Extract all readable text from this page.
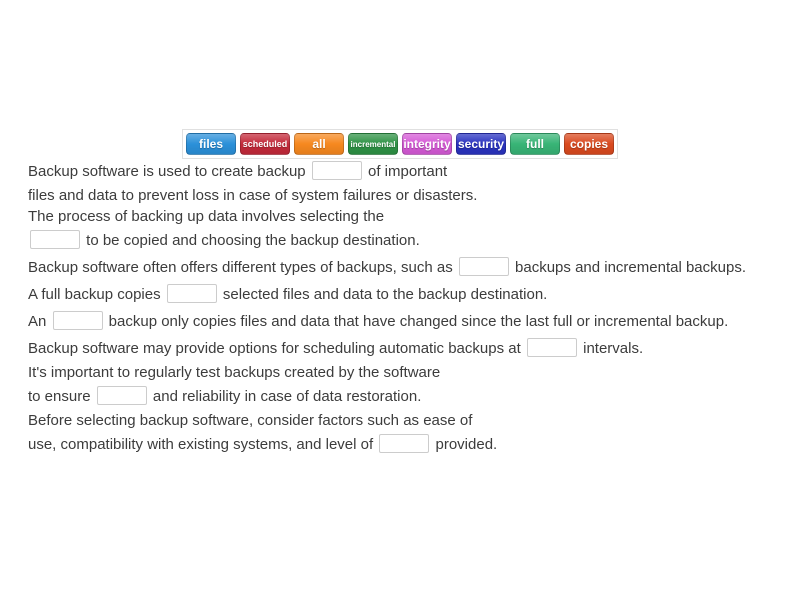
files	scheduled	all	incremental integrity security	full	copies
Backup software is used to create backup	of important
files and data to prevent loss in case of system failures or disasters.
The process of backing up data involves selecting the
to be copied and choosing the backup destination.
Backup software often offers different types of backups, such as	backups and incremental backups.
A full backup copies	selected files and data to the backup destination.
An	backup only copies files and data that have changed since the last full or incremental backup.
Backup software may provide options for scheduling automatic backups at	intervals.
It's important to regularly test backups created by the software
to ensure	and reliability in case of data restoration.
Before selecting backup software, consider factors such as ease of
use, compatibility with existing systems, and level of	provided.
